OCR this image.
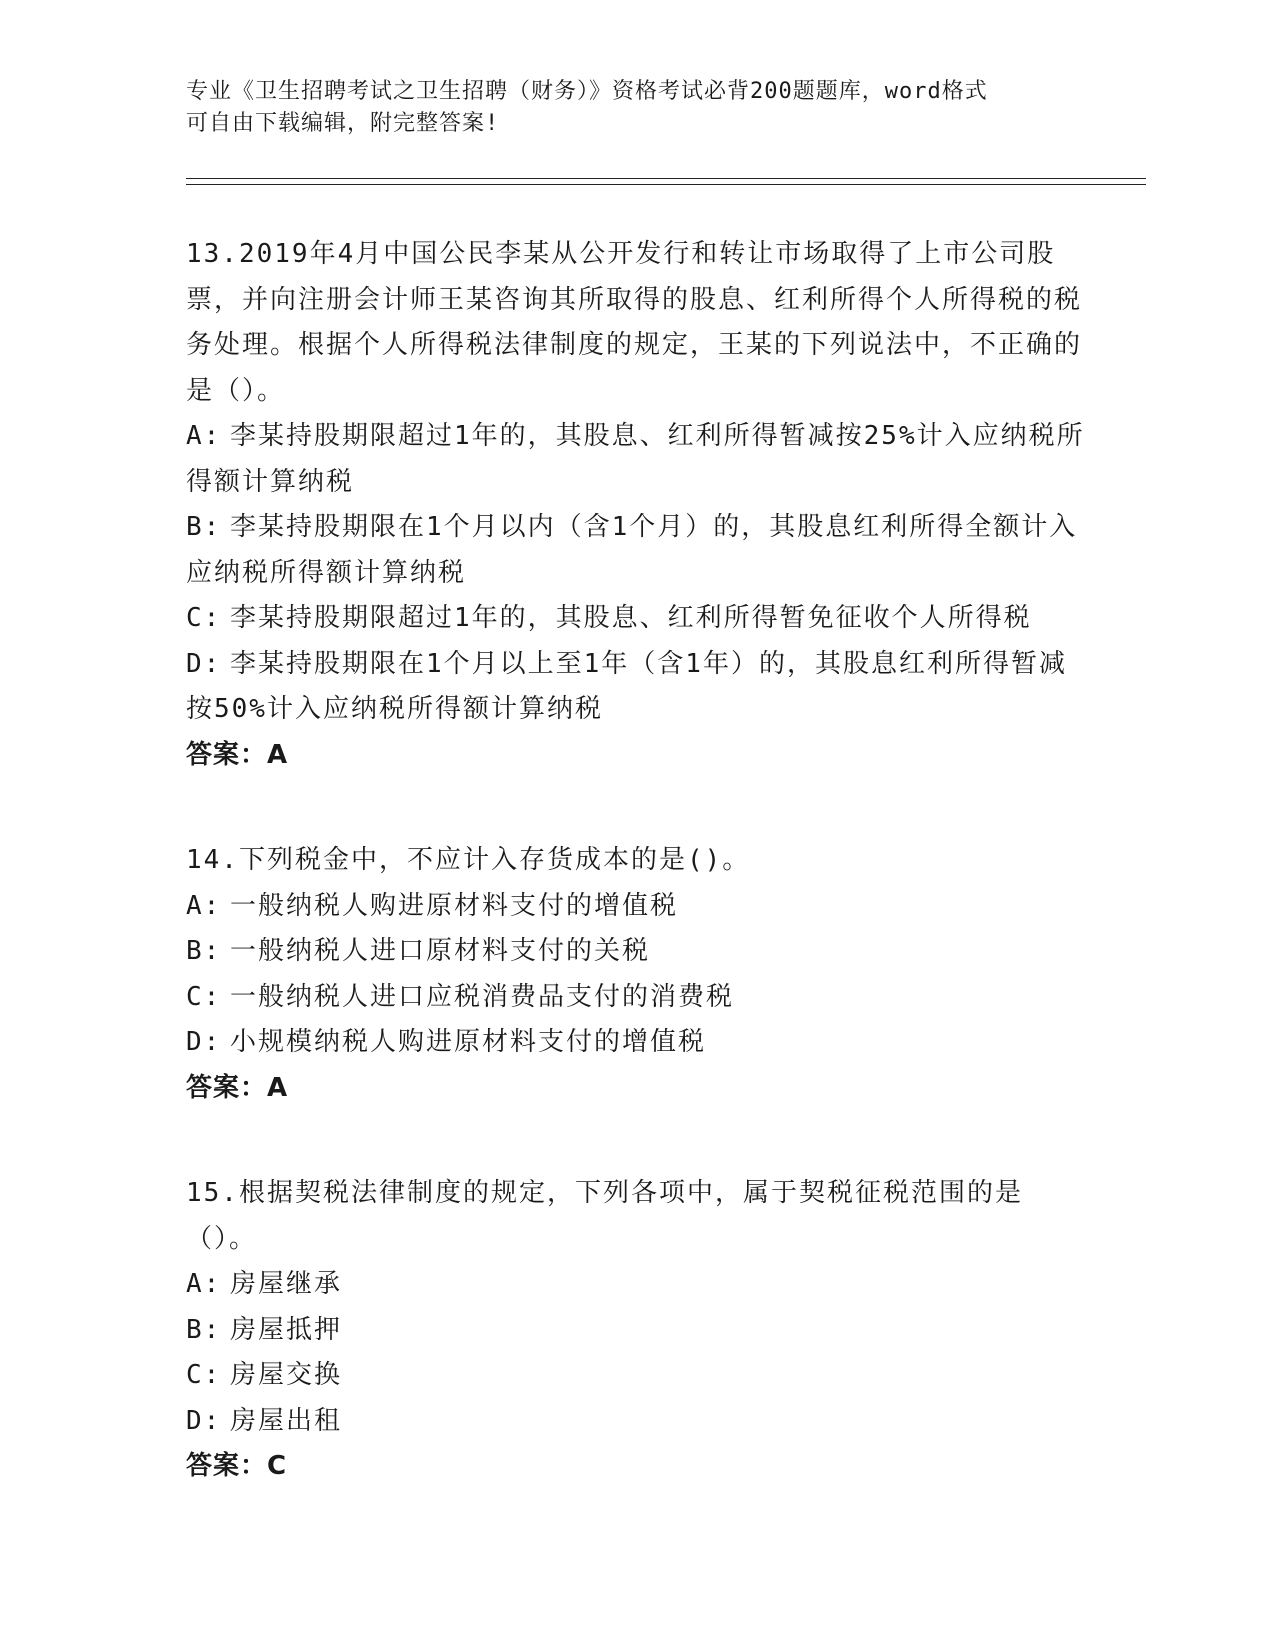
专业《卫生招聘考试之卫生招聘（财务）》资格考试必背200题题库，word格式
可自由下载编辑，附完整答案!

13.2019年4月中国公民李某从公开发行和转让市场取得了上市公司股票，并向注册会计师王某咨询其所取得的股息、红利所得个人所得税的税务处理。根据个人所得税法律制度的规定，王某的下列说法中，不正确的是（）。

A: 李某持股期限超过1年的，其股息、红利所得暂减按25%计入应纳税所得额计算纳税

B: 李某持股期限在1个月以内（含1个月）的，其股息红利所得全额计入应纳税所得额计算纳税

C: 李某持股期限超过1年的，其股息、红利所得暂免征收个人所得税

D: 李某持股期限在1个月以上至1年（含1年）的，其股息红利所得暂减按50%计入应纳税所得额计算纳税

答案：A

14.下列税金中，不应计入存货成本的是()。

A: 一般纳税人购进原材料支付的增值税

B: 一般纳税人进口原材料支付的关税

C: 一般纳税人进口应税消费品支付的消费税

D: 小规模纳税人购进原材料支付的增值税

答案：A

15.根据契税法律制度的规定，下列各项中，属于契税征税范围的是（）。

A: 房屋继承

B: 房屋抵押

C: 房屋交换

D: 房屋出租

答案：C
